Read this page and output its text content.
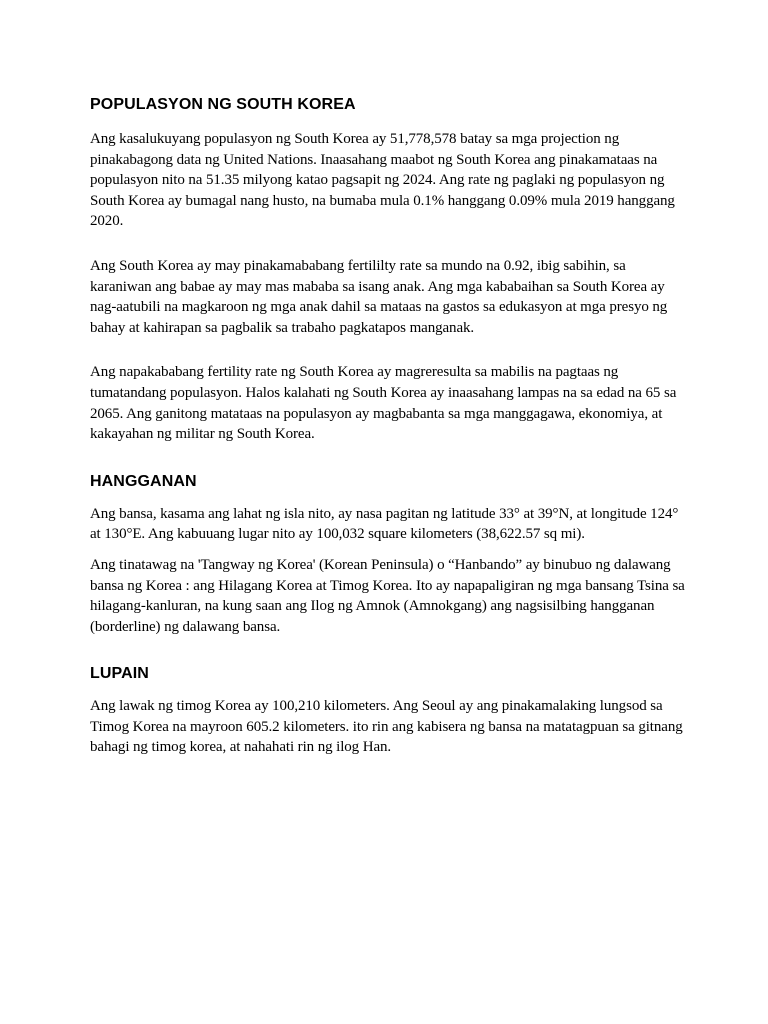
POPULASYON NG SOUTH KOREA

Ang kasalukuyang populasyon ng South Korea ay 51,778,578 batay sa mga projection ng pinakabagong data ng United Nations. Inaasahang maabot ng South Korea ang pinakamataas na populasyon nito na 51.35 milyong katao pagsapit ng 2024. Ang rate ng paglaki ng populasyon ng South Korea ay bumagal nang husto, na bumaba mula 0.1% hanggang 0.09% mula 2019 hanggang 2020.

Ang South Korea ay may pinakamababang fertililty rate sa mundo na 0.92, ibig sabihin, sa karaniwan ang babae ay may mas mababa sa isang anak. Ang mga kababaihan sa South Korea ay nag-aatubili na magkaroon ng mga anak dahil sa mataas na gastos sa edukasyon at mga presyo ng bahay at kahirapan sa pagbalik sa trabaho pagkatapos manganak.

Ang napakababang fertility rate ng South Korea ay magreresulta sa mabilis na pagtaas ng tumatandang populasyon. Halos kalahati ng South Korea ay inaasahang lampas na sa edad na 65 sa 2065. Ang ganitong matataas na populasyon ay magbabanta sa mga manggagawa, ekonomiya, at kakayahan ng militar ng South Korea.

HANGGANAN

Ang bansa, kasama ang lahat ng isla nito, ay nasa pagitan ng latitude 33° at 39°N, at longitude 124° at 130°E. Ang kabuuang lugar nito ay 100,032 square kilometers (38,622.57 sq mi).

Ang tinatawag na 'Tangway ng Korea' (Korean Peninsula) o “Hanbando” ay binubuo ng dalawang bansa ng Korea : ang Hilagang Korea at Timog Korea. Ito ay napapaligiran ng mga bansang Tsina sa hilagang-kanluran, na kung saan ang Ilog ng Amnok (Amnokgang) ang nagsisilbing hangganan (borderline) ng dalawang bansa.

LUPAIN

Ang lawak ng timog Korea ay 100,210 kilometers. Ang Seoul ay ang pinakamalaking lungsod sa Timog Korea na mayroon 605.2 kilometers. ito rin ang kabisera ng bansa na matatagpuan sa gitnang bahagi ng timog korea, at nahahati rin ng ilog Han.
